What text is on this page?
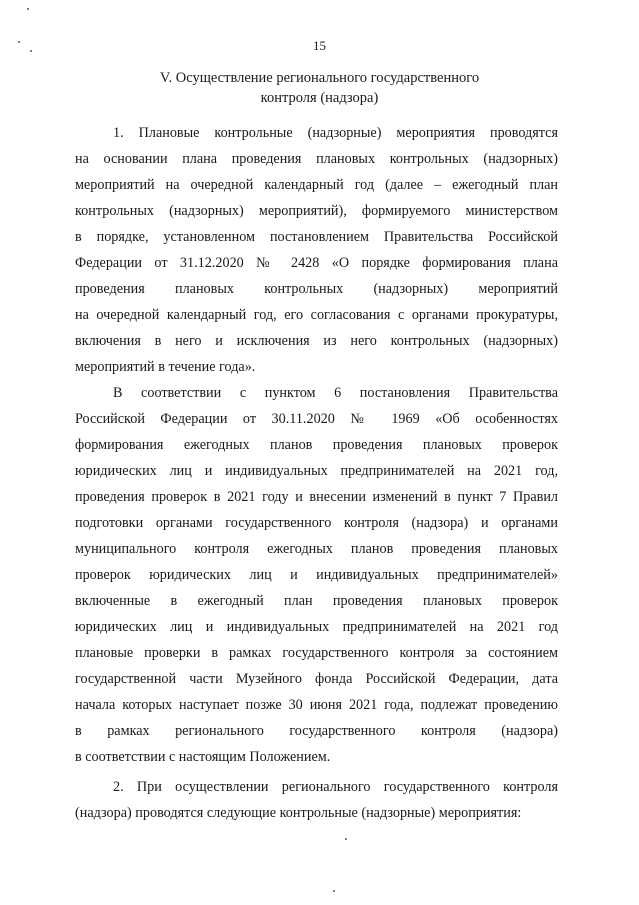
15
V. Осуществление регионального государственного
контроля (надзора)
1. Плановые контрольные (надзорные) мероприятия проводятся
на основании плана проведения плановых контрольных (надзорных)
мероприятий на очередной календарный год (далее – ежегодный план
контрольных (надзорных) мероприятий), формируемого министерством
в порядке, установленном постановлением Правительства Российской
Федерации от 31.12.2020 № 2428 «О порядке формирования плана
проведения плановых контрольных (надзорных) мероприятий
на очередной календарный год, его согласования с органами прокуратуры,
включения в него и исключения из него контрольных (надзорных)
мероприятий в течение года».
В соответствии с пунктом 6 постановления Правительства
Российской Федерации от 30.11.2020 № 1969 «Об особенностях
формирования ежегодных планов проведения плановых проверок
юридических лиц и индивидуальных предпринимателей на 2021 год,
проведения проверок в 2021 году и внесении изменений в пункт 7 Правил
подготовки органами государственного контроля (надзора) и органами
муниципального контроля ежегодных планов проведения плановых
проверок юридических лиц и индивидуальных предпринимателей»
включенные в ежегодный план проведения плановых проверок
юридических лиц и индивидуальных предпринимателей на 2021 год
плановые проверки в рамках государственного контроля за состоянием
государственной части Музейного фонда Российской Федерации, дата
начала которых наступает позже 30 июня 2021 года, подлежат проведению
в рамках регионального государственного контроля (надзора)
в соответствии с настоящим Положением.
2. При осуществлении регионального государственного контроля
(надзора) проводятся следующие контрольные (надзорные) мероприятия:
